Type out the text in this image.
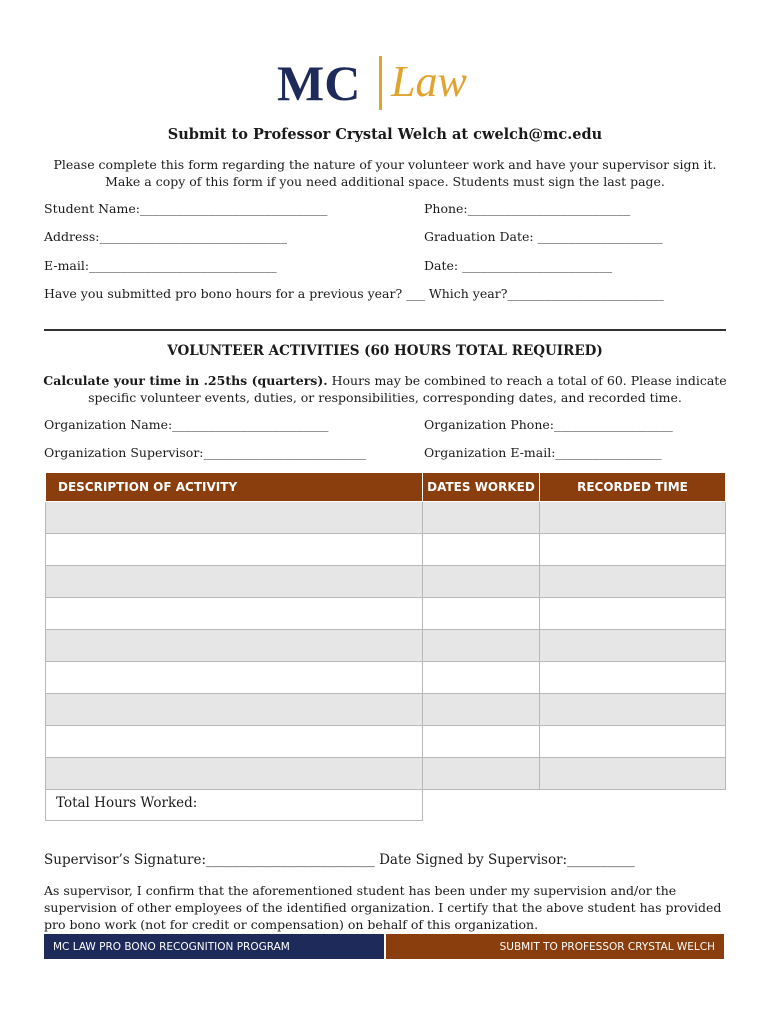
MC Law
Submit to Professor Crystal Welch at cwelch@mc.edu
Please complete this form regarding the nature of your volunteer work and have your supervisor sign it. Make a copy of this form if you need additional space. Students must sign the last page.
Student Name:______________________________	Phone:__________________________
Address:______________________________	Graduation Date: ____________________
E-mail:______________________________	Date: ________________________
Have you submitted pro bono hours for a previous year? ___ Which year?_________________________
VOLUNTEER ACTIVITIES (60 HOURS TOTAL REQUIRED)
Calculate your time in .25ths (quarters). Hours may be combined to reach a total of 60. Please indicate specific volunteer events, duties, or responsibilities, corresponding dates, and recorded time.
Organization Name:_________________________	Organization Phone:___________________
Organization Supervisor:__________________________	Organization E-mail:_________________
DESCRIPTION OF ACTIVITY	DATES WORKED	RECORDED TIME

Total Hours Worked:
Supervisor’s Signature:_________________________ Date Signed by Supervisor:__________
As supervisor, I confirm that the aforementioned student has been under my supervision and/or the supervision of other employees of the identified organization. I certify that the above student has provided pro bono work (not for credit or compensation) on behalf of this organization.
MC LAW PRO BONO RECOGNITION PROGRAM	SUBMIT TO PROFESSOR CRYSTAL WELCH
